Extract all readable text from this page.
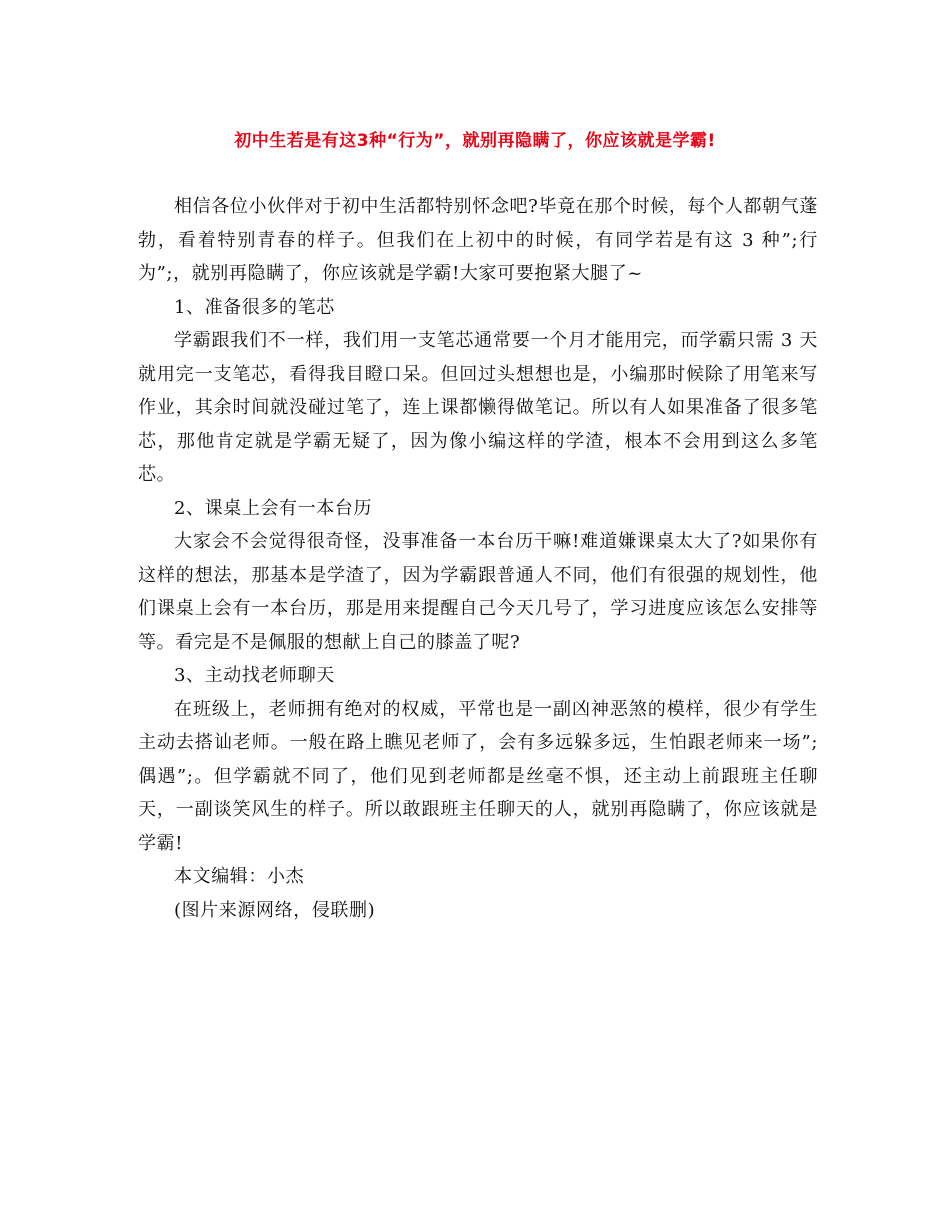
初中生若是有这3种“行为”，就别再隐瞒了，你应该就是学霸!

相信各位小伙伴对于初中生活都特别怀念吧?毕竟在那个时候，每个人都朝气蓬勃，看着特别青春的样子。但我们在上初中的时候，有同学若是有这 3 种”;行为”;，就别再隐瞒了，你应该就是学霸!大家可要抱紧大腿了~

1、准备很多的笔芯

学霸跟我们不一样，我们用一支笔芯通常要一个月才能用完，而学霸只需 3 天就用完一支笔芯，看得我目瞪口呆。但回过头想想也是，小编那时候除了用笔来写作业，其余时间就没碰过笔了，连上课都懒得做笔记。所以有人如果准备了很多笔芯，那他肯定就是学霸无疑了，因为像小编这样的学渣，根本不会用到这么多笔芯。

2、课桌上会有一本台历

大家会不会觉得很奇怪，没事准备一本台历干嘛!难道嫌课桌太大了?如果你有这样的想法，那基本是学渣了，因为学霸跟普通人不同，他们有很强的规划性，他们课桌上会有一本台历，那是用来提醒自己今天几号了，学习进度应该怎么安排等等。看完是不是佩服的想献上自己的膝盖了呢?

3、主动找老师聊天

在班级上，老师拥有绝对的权威，平常也是一副凶神恶煞的模样，很少有学生主动去搭讪老师。一般在路上瞧见老师了，会有多远躲多远，生怕跟老师来一场”;偶遇”;。但学霸就不同了，他们见到老师都是丝毫不惧，还主动上前跟班主任聊天，一副谈笑风生的样子。所以敢跟班主任聊天的人，就别再隐瞒了，你应该就是学霸!

本文编辑：小杰

(图片来源网络，侵联删)
